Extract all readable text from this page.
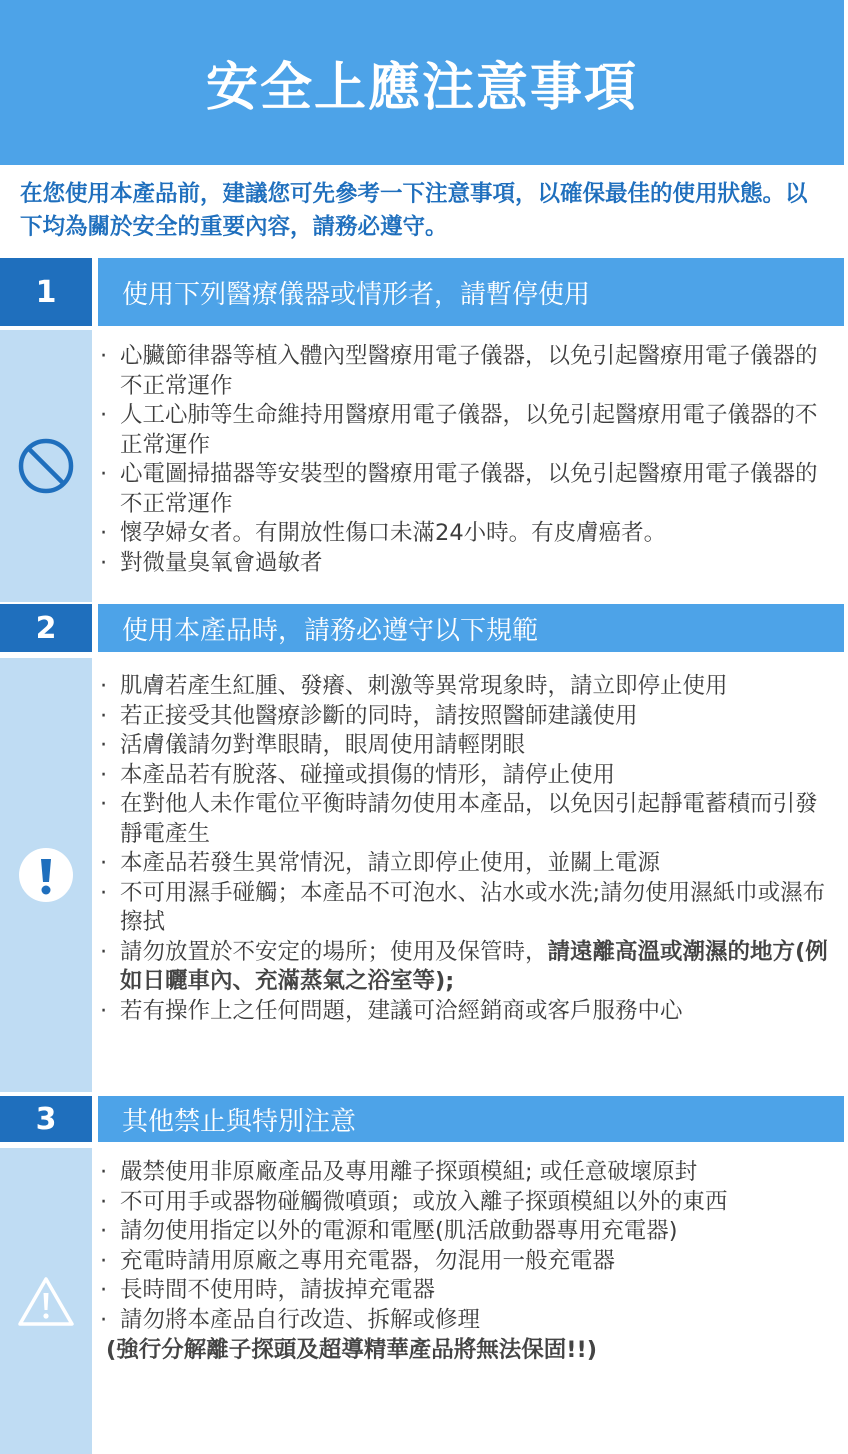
安全上應注意事項

在您使用本產品前，建議您可先參考一下注意事項，以確保最佳的使用狀態。以下均為關於安全的重要內容，請務必遵守。

1	使用下列醫療儀器或情形者，請暫停使用

· 心臟節律器等植入體內型醫療用電子儀器，以免引起醫療用電子儀器的不正常運作

· 人工心肺等生命維持用醫療用電子儀器，以免引起醫療用電子儀器的不正常運作

· 心電圖掃描器等安裝型的醫療用電子儀器，以免引起醫療用電子儀器的不正常運作

· 懷孕婦女者。有開放性傷口未滿24小時。有皮膚癌者。

· 對微量臭氧會過敏者

2	使用本產品時，請務必遵守以下規範

· 肌膚若產生紅腫、發癢、刺激等異常現象時，請立即停止使用

· 若正接受其他醫療診斷的同時，請按照醫師建議使用

· 活膚儀請勿對準眼睛，眼周使用請輕閉眼

· 本產品若有脫落、碰撞或損傷的情形，請停止使用

· 在對他人未作電位平衡時請勿使用本產品，以免因引起靜電蓄積而引發靜電產生

· 本產品若發生異常情況，請立即停止使用，並關上電源

· 不可用濕手碰觸；本產品不可泡水、沾水或水洗;請勿使用濕紙巾或濕布擦拭

· 請勿放置於不安定的場所；使用及保管時，請遠離高溫或潮濕的地方(例如日曬車內、充滿蒸氣之浴室等);

· 若有操作上之任何問題，建議可洽經銷商或客戶服務中心

3	其他禁止與特別注意

· 嚴禁使用非原廠產品及專用離子探頭模組; 或任意破壞原封

· 不可用手或器物碰觸微噴頭；或放入離子探頭模組以外的東西

· 請勿使用指定以外的電源和電壓(肌活啟動器專用充電器)

· 充電時請用原廠之專用充電器，勿混用一般充電器

· 長時間不使用時，請拔掉充電器

· 請勿將本產品自行改造、拆解或修理

(強行分解離子探頭及超導精華產品將無法保固!!)
